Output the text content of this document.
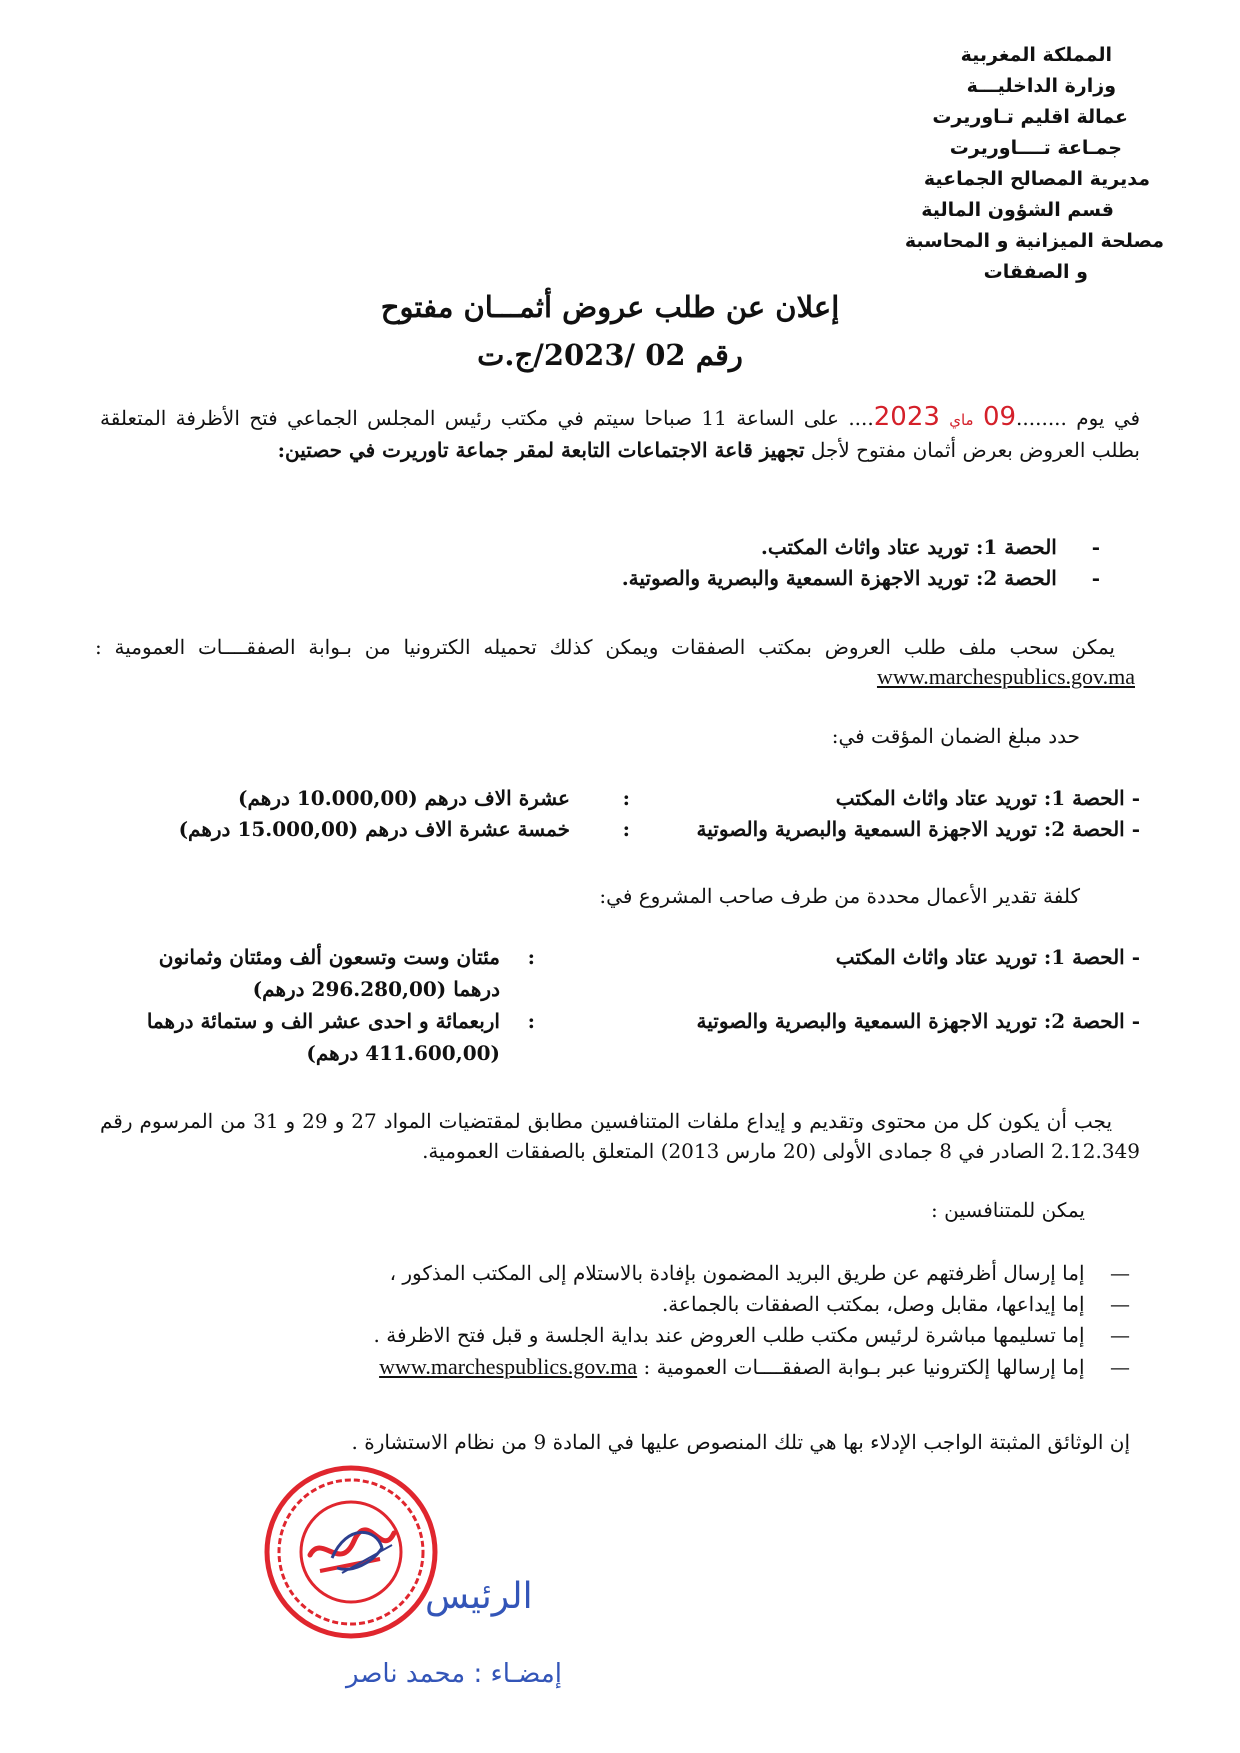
المملكة المغربية
وزارة الداخليـــة
عمالة اقليم تـاوريرت
جمـاعة تــــاوريرت
مديرية المصالح الجماعية
قسم الشؤون المالية
مصلحة الميزانية و المحاسبة
و الصفقات
إعلان عن طلب عروض أثمـــان مفتوح
رقم 02 /2023/ج.ت
في يوم ........09 ماي 2023.... على الساعة 11 صباحا سيتم في مكتب رئيس المجلس الجماعي فتح الأظرفة المتعلقة بطلب العروض بعرض أثمان مفتوح لأجل تجهيز قاعة الاجتماعات التابعة لمقر جماعة تاوريرت في حصتين:
-     الحصة 1: توريد عتاد واثاث المكتب.
-     الحصة 2: توريد الاجهزة السمعية والبصرية والصوتية.
يمكن سحب ملف طلب العروض بمكتب الصفقات ويمكن كذلك تحميله الكترونيا من بـوابة الصفقــــات العمومية : www.marchespublics.gov.ma
حدد مبلغ الضمان المؤقت في:
- الحصة 1: توريد عتاد واثاث المكتب
:
عشرة الاف درهم (10.000,00 درهم)
- الحصة 2: توريد الاجهزة السمعية والبصرية والصوتية
:
خمسة عشرة الاف درهم (15.000,00 درهم)
كلفة تقدير الأعمال محددة من طرف صاحب المشروع في:
- الحصة 1: توريد عتاد واثاث المكتب
:
مئتان وست وتسعون ألف ومئتان وثمانون
درهما (296.280,00 درهم)
- الحصة 2: توريد الاجهزة السمعية والبصرية والصوتية
:
اربعمائة و احدى عشر الف و ستمائة درهما
(411.600,00 درهم)
يجب أن يكون كل من محتوى وتقديم و إيداع ملفات المتنافسين مطابق لمقتضيات المواد 27 و 29 و 31 من المرسوم رقم 2.12.349 الصادر في 8 جمادى الأولى (20 مارس 2013) المتعلق بالصفقات العمومية.
يمكن للمتنافسين :
—    إما إرسال أظرفتهم عن طريق البريد المضمون بإفادة بالاستلام إلى المكتب المذكور ،
—    إما إيداعها، مقابل وصل، بمكتب الصفقات بالجماعة.
—    إما تسليمها مباشرة لرئيس مكتب طلب العروض عند بداية الجلسة و قبل فتح الاظرفة .
—    إما إرسالها إلكترونيا عبر بـوابة الصفقــــات العمومية : www.marchespublics.gov.ma
إن الوثائق المثبتة الواجب الإدلاء بها هي تلك المنصوص عليها في المادة 9 من نظام الاستشارة .
الرئيس
إمضـاء : محمد ناصر
